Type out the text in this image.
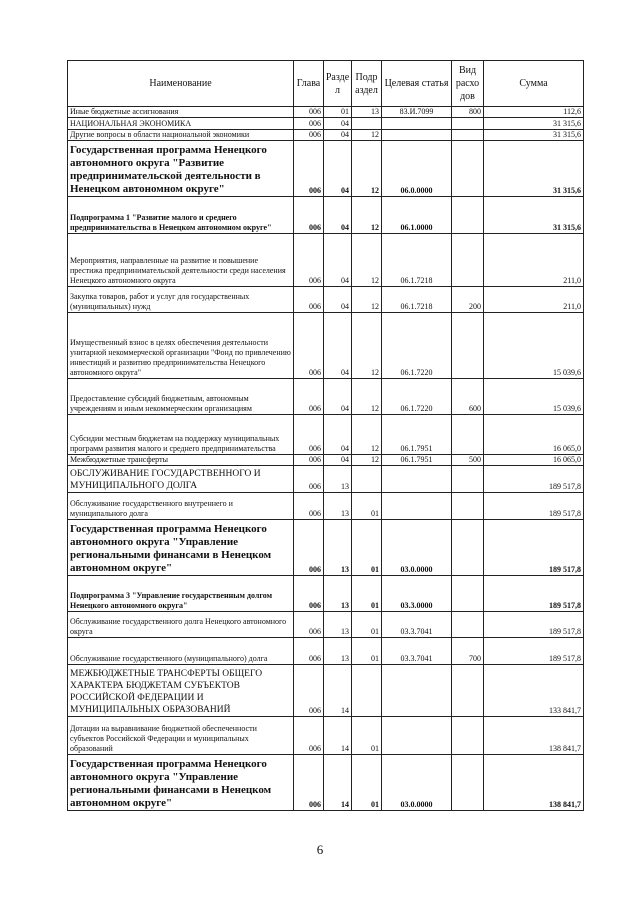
Наименование	Глава	Разде л	Подр аздел	Целевая статья	Вид расхо дов	Сумма
Иные бюджетные ассигнования	006	01	13	83.И.7099	800	112,6
НАЦИОНАЛЬНАЯ ЭКОНОМИКА	006	04				31 315,6
Другие вопросы в области национальной экономики	006	04	12			31 315,6
Государственная программа Ненецкого автономного округа "Развитие предпринимательской деятельности в Ненецком автономном округе"	006	04	12	06.0.0000		31 315,6
Подпрограмма 1 "Развитие малого и среднего предпринимательства в Ненецком автономном округе"	006	04	12	06.1.0000		31 315,6
Мероприятия, направленные на развитие и повышение престижа предпринимательской деятельности среди населения Ненецкого автономного округа	006	04	12	06.1.7218		211,0
Закупка товаров, работ и услуг для государственных (муниципальных) нужд	006	04	12	06.1.7218	200	211,0
Имущественный взнос в целях обеспечения деятельности унитарной некоммерческой организации "Фонд по привлечению инвестиций и развитию предпринимательства Ненецкого автономного округа"	006	04	12	06.1.7220		15 039,6
Предоставление субсидий бюджетным, автономным учреждениям и иным некоммерческим организациям	006	04	12	06.1.7220	600	15 039,6
Субсидии местным бюджетам на поддержку муниципальных программ развития малого и среднего предпринимательства	006	04	12	06.1.7951		16 065,0
Межбюджетные трансферты	006	04	12	06.1.7951	500	16 065,0
ОБСЛУЖИВАНИЕ ГОСУДАРСТВЕННОГО И МУНИЦИПАЛЬНОГО ДОЛГА	006	13				189 517,8
Обслуживание государственного внутреннего и муниципального долга	006	13	01			189 517,8
Государственная программа Ненецкого автономного округа "Управление региональными финансами в Ненецком автономном округе"	006	13	01	03.0.0000		189 517,8
Подпрограмма 3 "Управление государственным долгом Ненецкого автономного округа"	006	13	01	03.3.0000		189 517,8
Обслуживание государственного долга Ненецкого автономного округа	006	13	01	03.3.7041		189 517,8
Обслуживание государственного (муниципального) долга	006	13	01	03.3.7041	700	189 517,8
МЕЖБЮДЖЕТНЫЕ ТРАНСФЕРТЫ ОБЩЕГО ХАРАКТЕРА БЮДЖЕТАМ СУБЪЕКТОВ РОССИЙСКОЙ ФЕДЕРАЦИИ И МУНИЦИПАЛЬНЫХ ОБРАЗОВАНИЙ	006	14				133 841,7
Дотации на выравнивание бюджетной обеспеченности субъектов Российской Федерации и муниципальных образований	006	14	01			138 841,7
Государственная программа Ненецкого автономного округа "Управление региональными финансами в Ненецком автономном округе"	006	14	01	03.0.0000		138 841,7
6
